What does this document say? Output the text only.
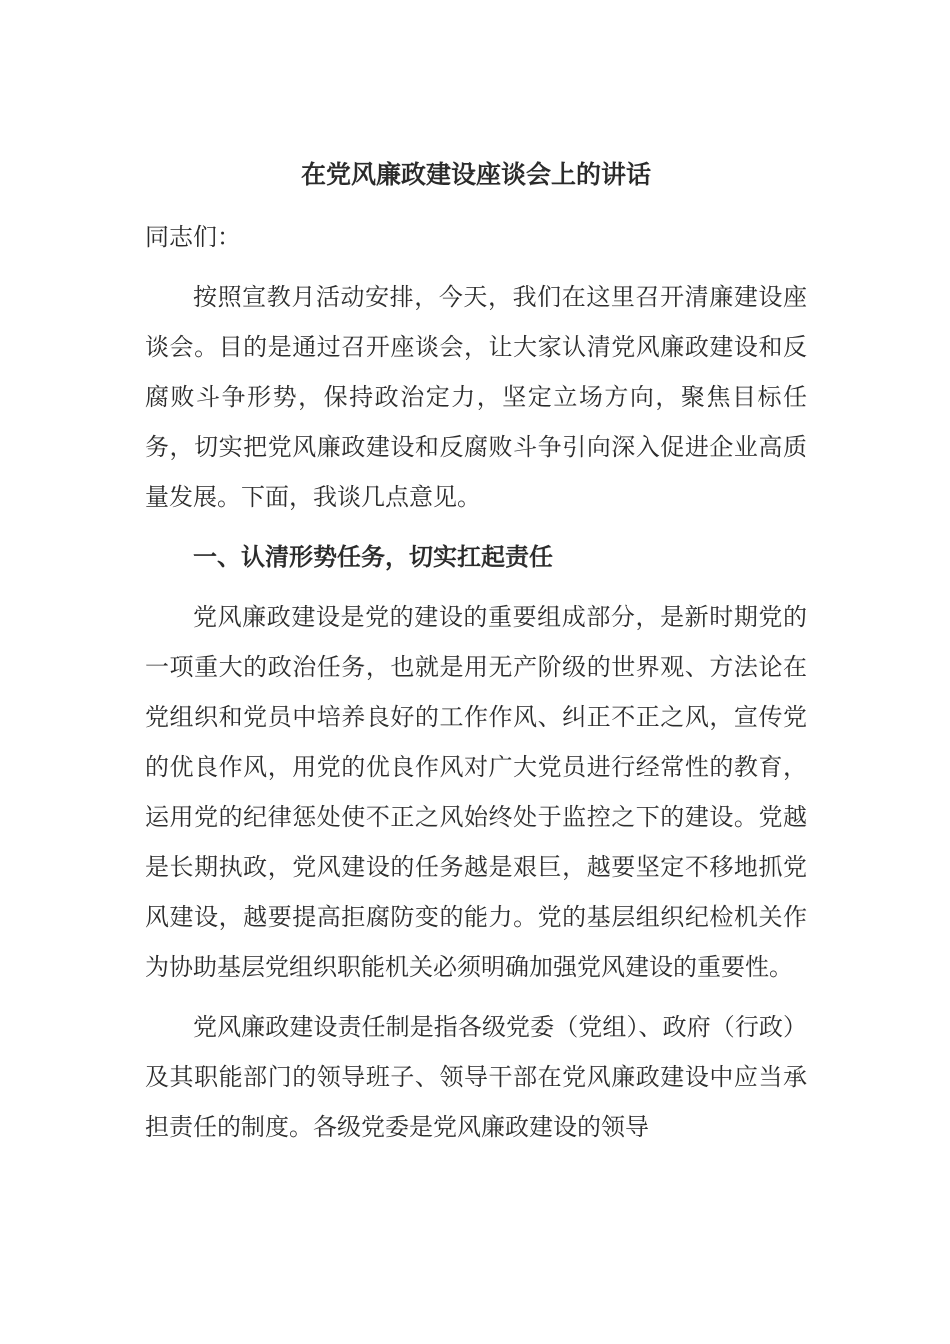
在党风廉政建设座谈会上的讲话
同志们：

按照宣教月活动安排，今天，我们在这里召开清廉建设座谈会。目的是通过召开座谈会，让大家认清党风廉政建设和反腐败斗争形势，保持政治定力，坚定立场方向，聚焦目标任务，切实把党风廉政建设和反腐败斗争引向深入促进企业高质量发展。下面，我谈几点意见。

一、认清形势任务，切实扛起责任

党风廉政建设是党的建设的重要组成部分，是新时期党的一项重大的政治任务，也就是用无产阶级的世界观、方法论在党组织和党员中培养良好的工作作风、纠正不正之风，宣传党的优良作风，用党的优良作风对广大党员进行经常性的教育，运用党的纪律惩处使不正之风始终处于监控之下的建设。党越是长期执政，党风建设的任务越是艰巨，越要坚定不移地抓党风建设，越要提高拒腐防变的能力。党的基层组织纪检机关作为协助基层党组织职能机关必须明确加强党风建设的重要性。

党风廉政建设责任制是指各级党委（党组）、政府（行政）及其职能部门的领导班子、领导干部在党风廉政建设中应当承担责任的制度。各级党委是党风廉政建设的领导
